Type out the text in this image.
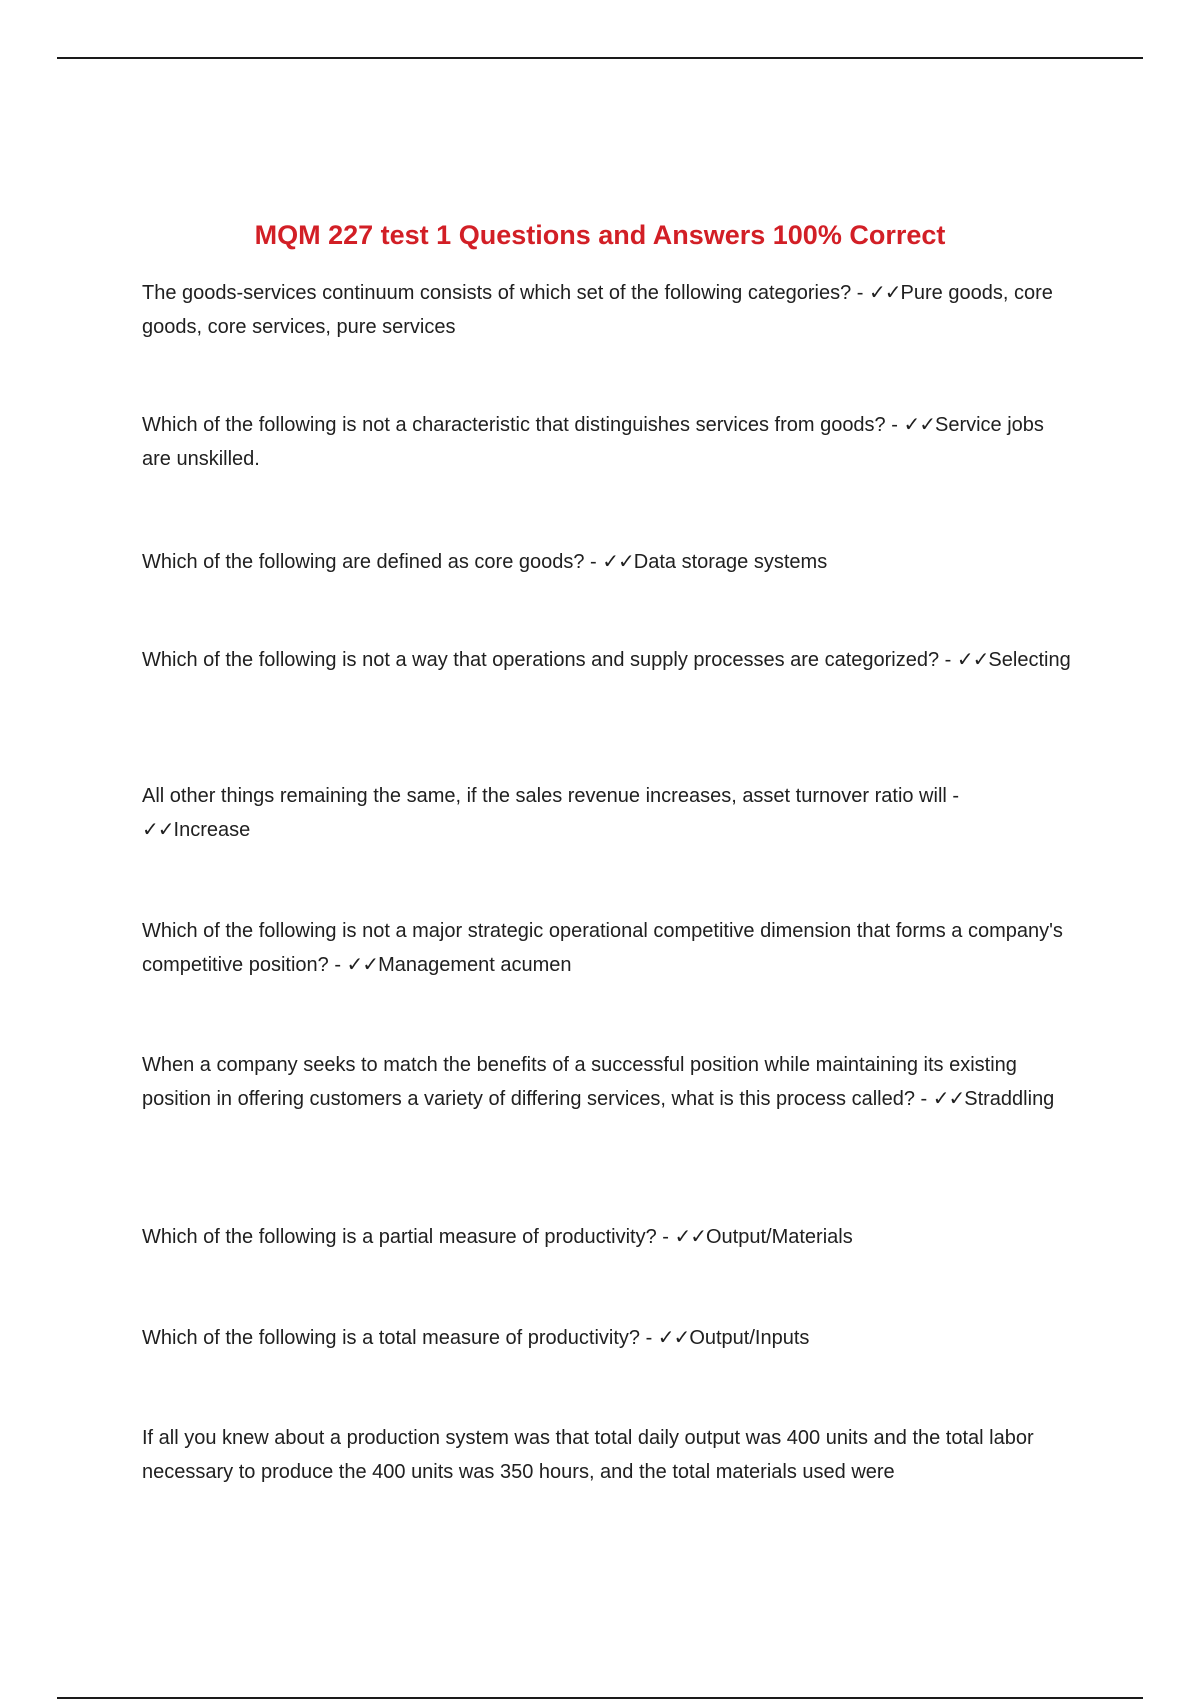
MQM 227 test 1 Questions and Answers 100% Correct

The goods-services continuum consists of which set of the following categories? - ✓✓Pure goods, core goods, core services, pure services

Which of the following is not a characteristic that distinguishes services from goods? - ✓✓Service jobs are unskilled.

Which of the following are defined as core goods? - ✓✓Data storage systems

Which of the following is not a way that operations and supply processes are categorized? - ✓✓Selecting

All other things remaining the same, if the sales revenue increases, asset turnover ratio will - ✓✓Increase

Which of the following is not a major strategic operational competitive dimension that forms a company's competitive position? - ✓✓Management acumen

When a company seeks to match the benefits of a successful position while maintaining its existing position in offering customers a variety of differing services, what is this process called? - ✓✓Straddling

Which of the following is a partial measure of productivity? - ✓✓Output/Materials

Which of the following is a total measure of productivity? - ✓✓Output/Inputs

If all you knew about a production system was that total daily output was 400 units and the total labor necessary to produce the 400 units was 350 hours, and the total materials used were
